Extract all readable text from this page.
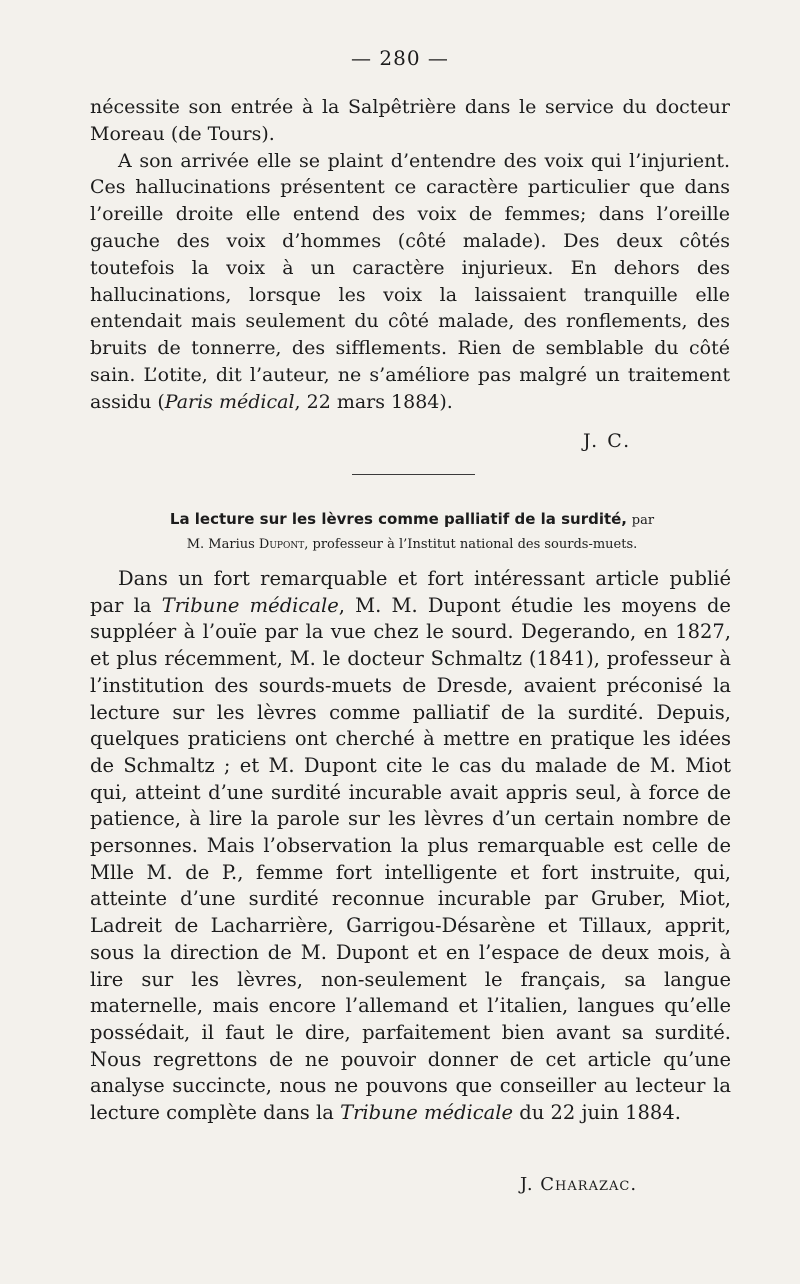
— 280 —

nécessite son entrée à la Salpêtrière dans le service du docteur Moreau (de Tours).

A son arrivée elle se plaint d’entendre des voix qui l’injurient. Ces hallucinations présentent ce caractère particulier que dans l’oreille droite elle entend des voix de femmes; dans l’oreille gauche des voix d’hommes (côté malade). Des deux côtés toutefois la voix à un caractère injurieux. En dehors des hallucinations, lorsque les voix la laissaient tranquille elle entendait mais seulement du côté malade, des ronflements, des bruits de tonnerre, des sifflements. Rien de semblable du côté sain. L’otite, dit l’auteur, ne s’améliore pas malgré un traitement assidu (Paris médical, 22 mars 1884).

J. C.
La lecture sur les lèvres comme palliatif de la surdité, par
M. Marius Dupont, professeur à l’Institut national des sourds-muets.

Dans un fort remarquable et fort intéressant article publié par la Tribune médicale, M. M. Dupont étudie les moyens de suppléer à l’ouïe par la vue chez le sourd. Degerando, en 1827, et plus récemment, M. le docteur Schmaltz (1841), professeur à l’institution des sourds-muets de Dresde, avaient préconisé la lecture sur les lèvres comme palliatif de la surdité. Depuis, quelques praticiens ont cherché à mettre en pratique les idées de Schmaltz ; et M. Dupont cite le cas du malade de M. Miot qui, atteint d’une surdité incurable avait appris seul, à force de patience, à lire la parole sur les lèvres d’un certain nombre de personnes. Mais l’observation la plus remarquable est celle de Mlle M. de P., femme fort intelligente et fort instruite, qui, atteinte d’une surdité reconnue incurable par Gruber, Miot, Ladreit de Lacharrière, Garrigou-Désarène et Tillaux, apprit, sous la direction de M. Dupont et en l’espace de deux mois, à lire sur les lèvres, non-seulement le français, sa langue maternelle, mais encore l’allemand et l’italien, langues qu’elle possédait, il faut le dire, parfaitement bien avant sa surdité. Nous regrettons de ne pouvoir donner de cet article qu’une analyse succincte, nous ne pouvons que conseiller au lecteur la lecture complète dans la Tribune médicale du 22 juin 1884.

J. Charazac.
